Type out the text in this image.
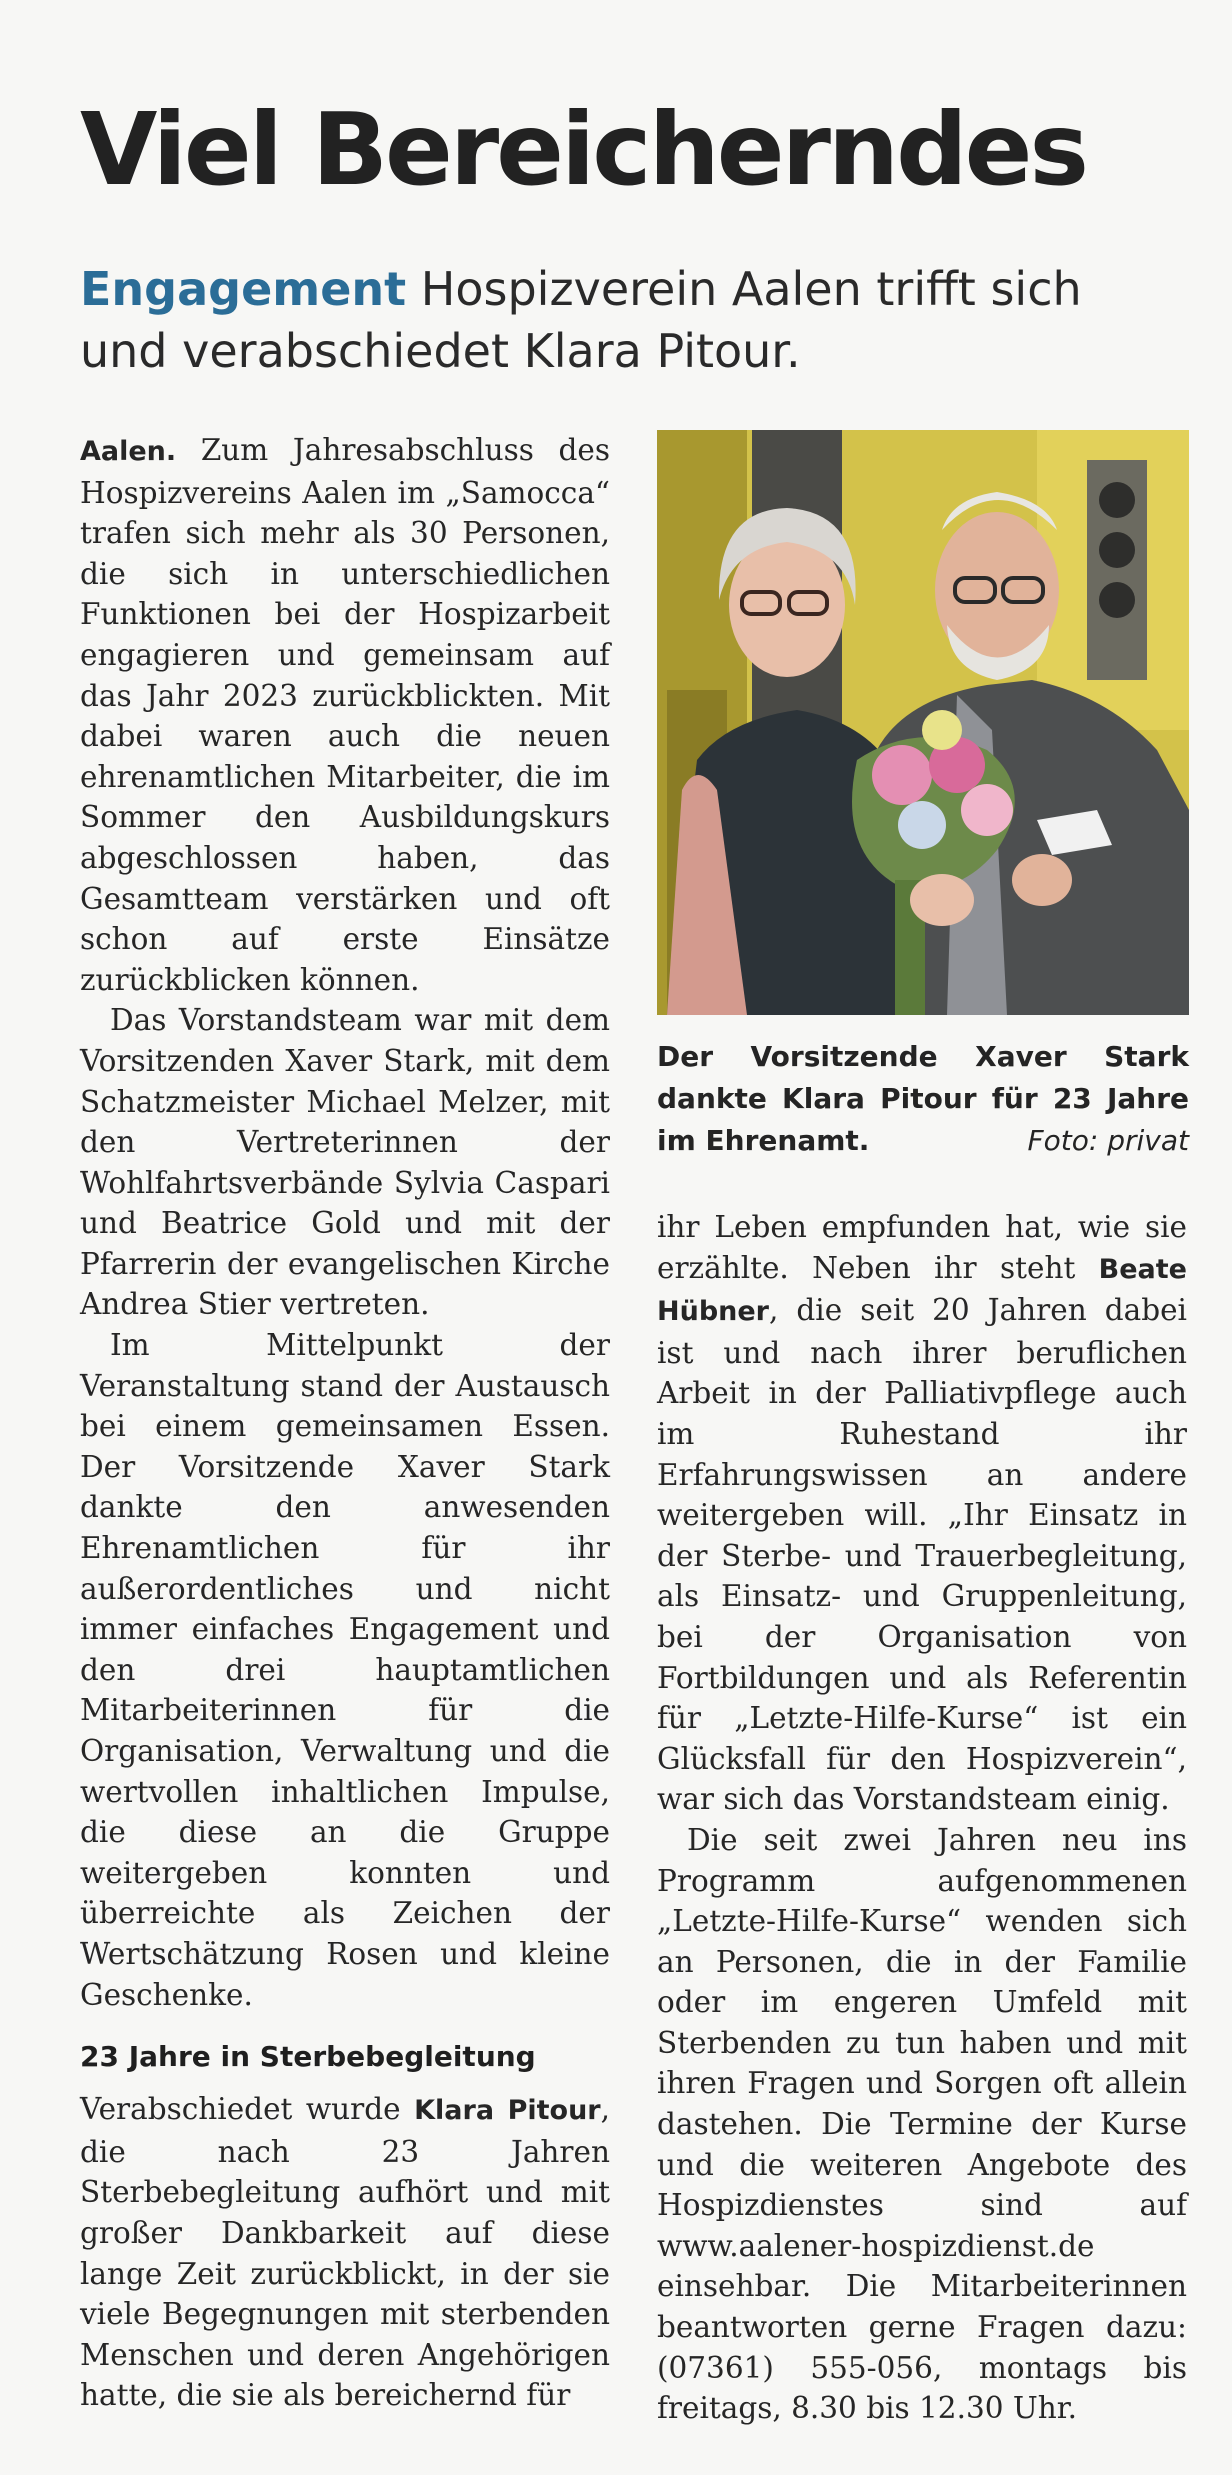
Viel Bereicherndes
Engagement Hospizverein Aalen trifft sich und verabschiedet Klara Pitour.

Aalen. Zum Jahresabschluss des Hospizvereins Aalen im „Samocca“ trafen sich mehr als 30 Personen, die sich in unterschiedlichen Funktionen bei der Hospizarbeit engagieren und gemeinsam auf das Jahr 2023 zurückblickten. Mit dabei waren auch die neuen ehrenamtlichen Mitarbeiter, die im Sommer den Ausbildungskurs abgeschlossen haben, das Gesamtteam verstärken und oft schon auf erste Einsätze zurückblicken können.

Das Vorstandsteam war mit dem Vorsitzenden Xaver Stark, mit dem Schatzmeister Michael Melzer, mit den Vertreterinnen der Wohlfahrtsverbände Sylvia Caspari und Beatrice Gold und mit der Pfarrerin der evangelischen Kirche Andrea Stier vertreten.

Im Mittelpunkt der Veranstaltung stand der Austausch bei einem gemeinsamen Essen. Der Vorsitzende Xaver Stark dankte den anwesenden Ehrenamtlichen für ihr außerordentliches und nicht immer einfaches Engagement und den drei hauptamtlichen Mitarbeiterinnen für die Organisation, Verwaltung und die wertvollen inhaltlichen Impulse, die diese an die Gruppe weitergeben konnten und überreichte als Zeichen der Wertschätzung Rosen und kleine Geschenke.

23 Jahre in Sterbebegleitung

Verabschiedet wurde Klara Pitour, die nach 23 Jahren Sterbebegleitung aufhört und mit großer Dankbarkeit auf diese lange Zeit zurückblickt, in der sie viele Begegnungen mit sterbenden Menschen und deren Angehörigen hatte, die sie als bereichernd für

Der Vorsitzende Xaver Stark dankte Klara Pitour für 23 Jahre im Ehrenamt.	Foto: privat

ihr Leben empfunden hat, wie sie erzählte. Neben ihr steht Beate Hübner, die seit 20 Jahren dabei ist und nach ihrer beruflichen Arbeit in der Palliativpflege auch im Ruhestand ihr Erfahrungswissen an andere weitergeben will. „Ihr Einsatz in der Sterbe- und Trauerbegleitung, als Einsatz- und Gruppenleitung, bei der Organisation von Fortbildungen und als Referentin für „Letzte-Hilfe-Kurse“ ist ein Glücksfall für den Hospizverein“, war sich das Vorstandsteam einig.

Die seit zwei Jahren neu ins Programm aufgenommenen „Letzte-Hilfe-Kurse“ wenden sich an Personen, die in der Familie oder im engeren Umfeld mit Sterbenden zu tun haben und mit ihren Fragen und Sorgen oft allein dastehen. Die Termine der Kurse und die weiteren Angebote des Hospizdienstes sind auf www.aalener-hospizdienst.de einsehbar. Die Mitarbeiterinnen beantworten gerne Fragen dazu: (07361) 555-056, montags bis freitags, 8.30 bis 12.30 Uhr.
